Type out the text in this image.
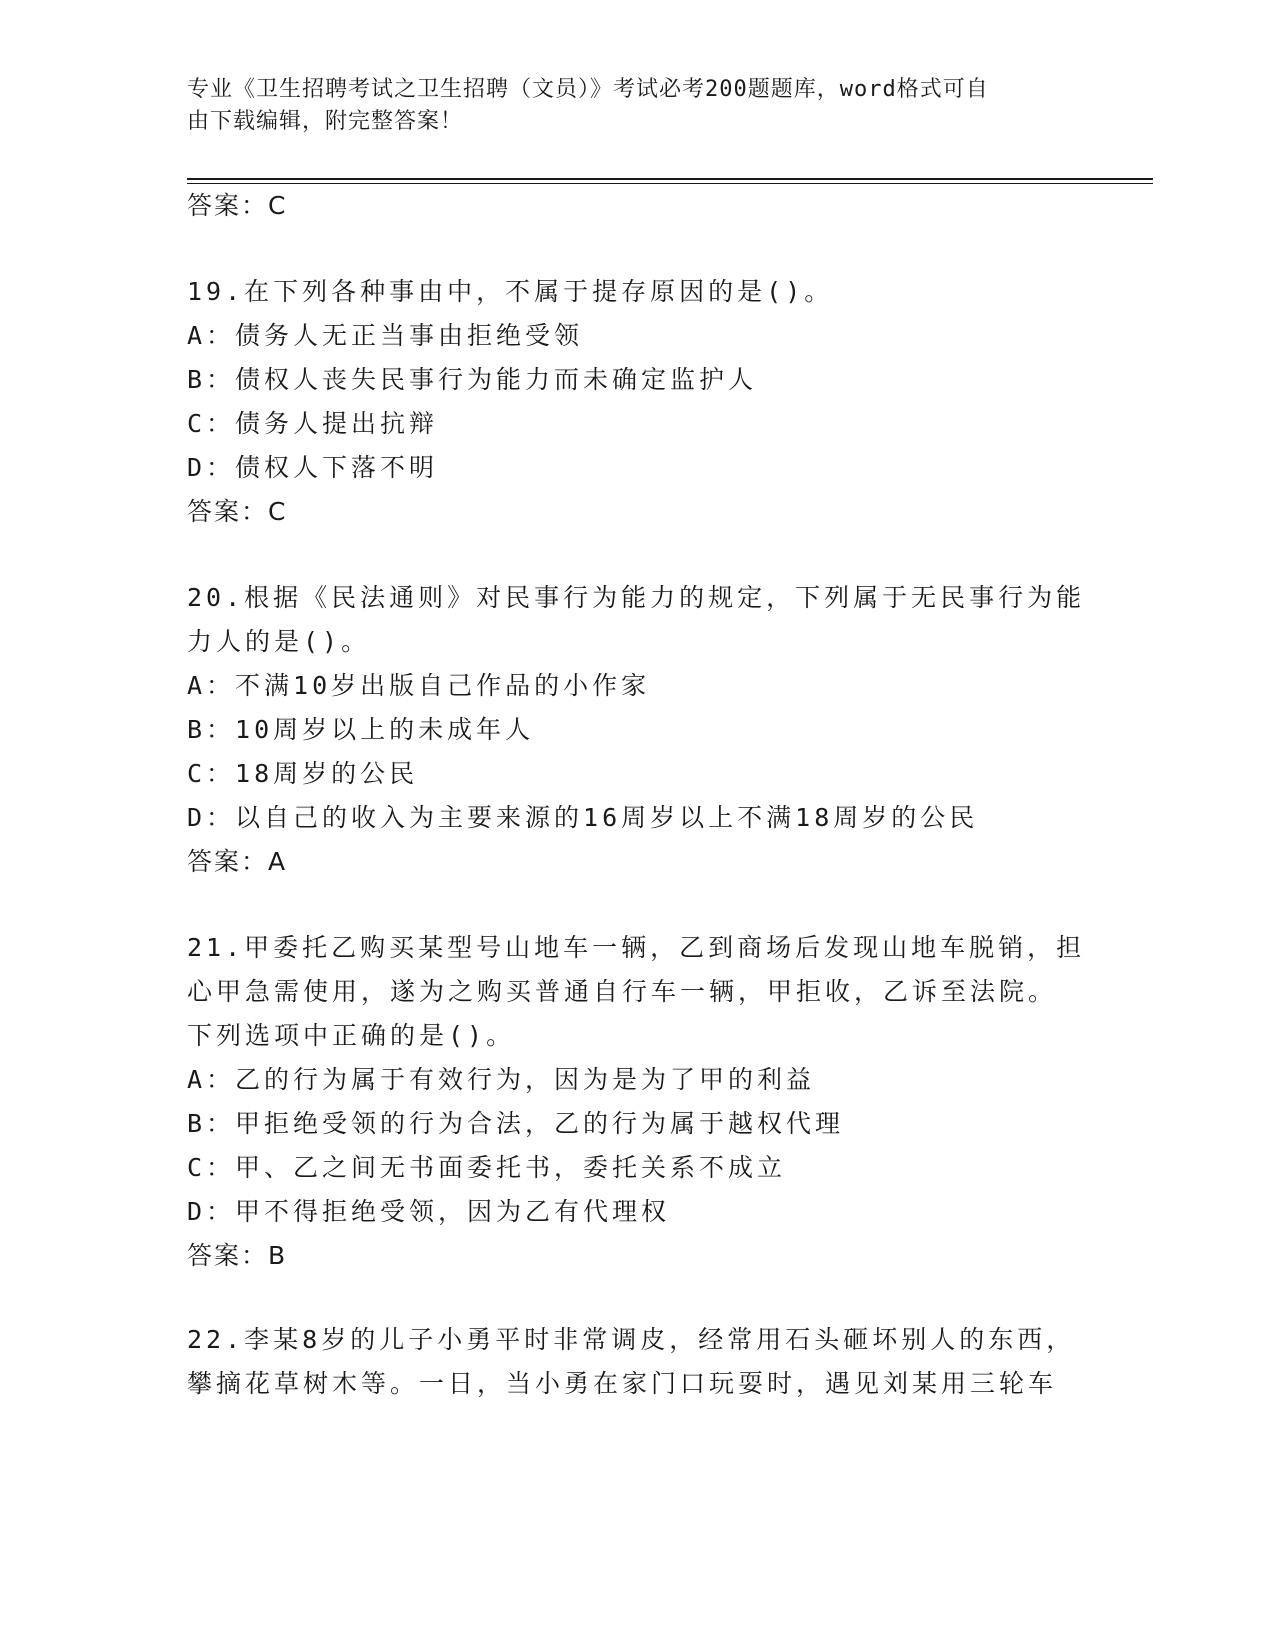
专业《卫生招聘考试之卫生招聘（文员）》考试必考200题题库，word格式可自
由下载编辑，附完整答案！
答案：C
19.在下列各种事由中，不属于提存原因的是()。
A：债务人无正当事由拒绝受领
B：债权人丧失民事行为能力而未确定监护人
C：债务人提出抗辩
D：债权人下落不明
答案：C
20.根据《民法通则》对民事行为能力的规定，下列属于无民事行为能
力人的是()。
A：不满10岁出版自己作品的小作家
B：10周岁以上的未成年人
C：18周岁的公民
D：以自己的收入为主要来源的16周岁以上不满18周岁的公民
答案：A
21.甲委托乙购买某型号山地车一辆，乙到商场后发现山地车脱销，担
心甲急需使用，遂为之购买普通自行车一辆，甲拒收，乙诉至法院。
下列选项中正确的是()。
A：乙的行为属于有效行为，因为是为了甲的利益
B：甲拒绝受领的行为合法，乙的行为属于越权代理
C：甲、乙之间无书面委托书，委托关系不成立
D：甲不得拒绝受领，因为乙有代理权
答案：B
22.李某8岁的儿子小勇平时非常调皮，经常用石头砸坏别人的东西，
攀摘花草树木等。一日，当小勇在家门口玩耍时，遇见刘某用三轮车
